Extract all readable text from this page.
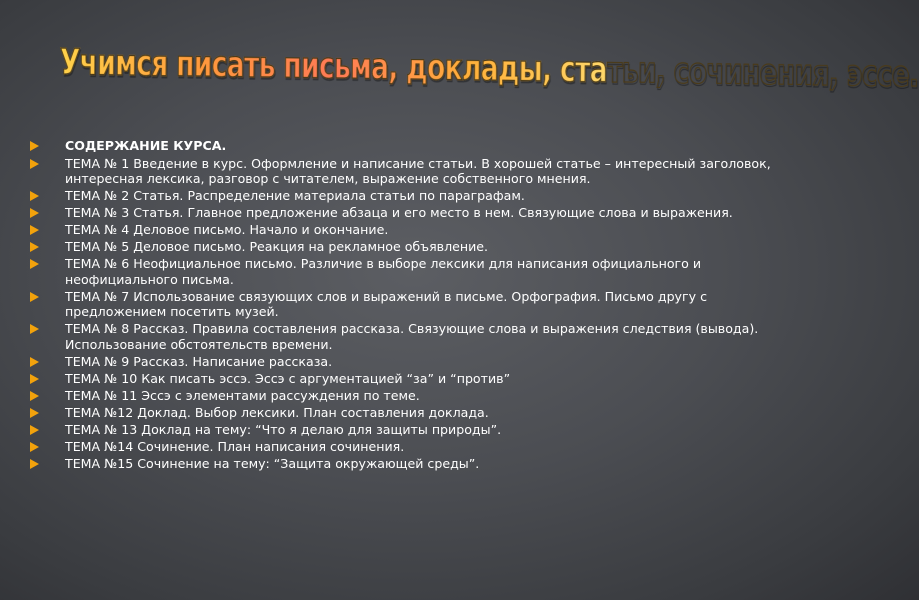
Учимся писать письма, доклады, статьи, сочинения, эссе.
СОДЕРЖАНИЕ КУРСА.
ТЕМА № 1 Введение в курс. Оформление и написание статьи. В хорошей статье – интересный заголовок, интересная лексика, разговор с читателем, выражение собственного мнения.
ТЕМА № 2 Статья. Распределение материала статьи по параграфам.
ТЕМА № 3 Статья. Главное предложение абзаца и его место в нем. Связующие слова и выражения.
ТЕМА № 4 Деловое письмо. Начало и окончание.
ТЕМА № 5 Деловое письмо. Реакция на рекламное объявление.
ТЕМА № 6 Неофициальное письмо. Различие в выборе лексики для написания официального и неофициального письма.
ТЕМА № 7 Использование связующих слов и выражений в письме. Орфография. Письмо другу с предложением посетить музей.
ТЕМА № 8 Рассказ. Правила составления рассказа. Связующие слова и выражения следствия (вывода). Использование обстоятельств времени.
ТЕМА № 9 Рассказ. Написание рассказа.
ТЕМА № 10 Как писать эссэ. Эссэ с аргументацией “за” и “против”
ТЕМА № 11 Эссэ с элементами рассуждения по теме.
ТЕМА №12 Доклад. Выбор лексики. План составления доклада.
ТЕМА № 13 Доклад на тему: “Что я делаю для защиты природы”.
ТЕМА №14 Сочинение. План написания сочинения.
ТЕМА №15 Сочинение на тему: “Защита окружающей среды”.
